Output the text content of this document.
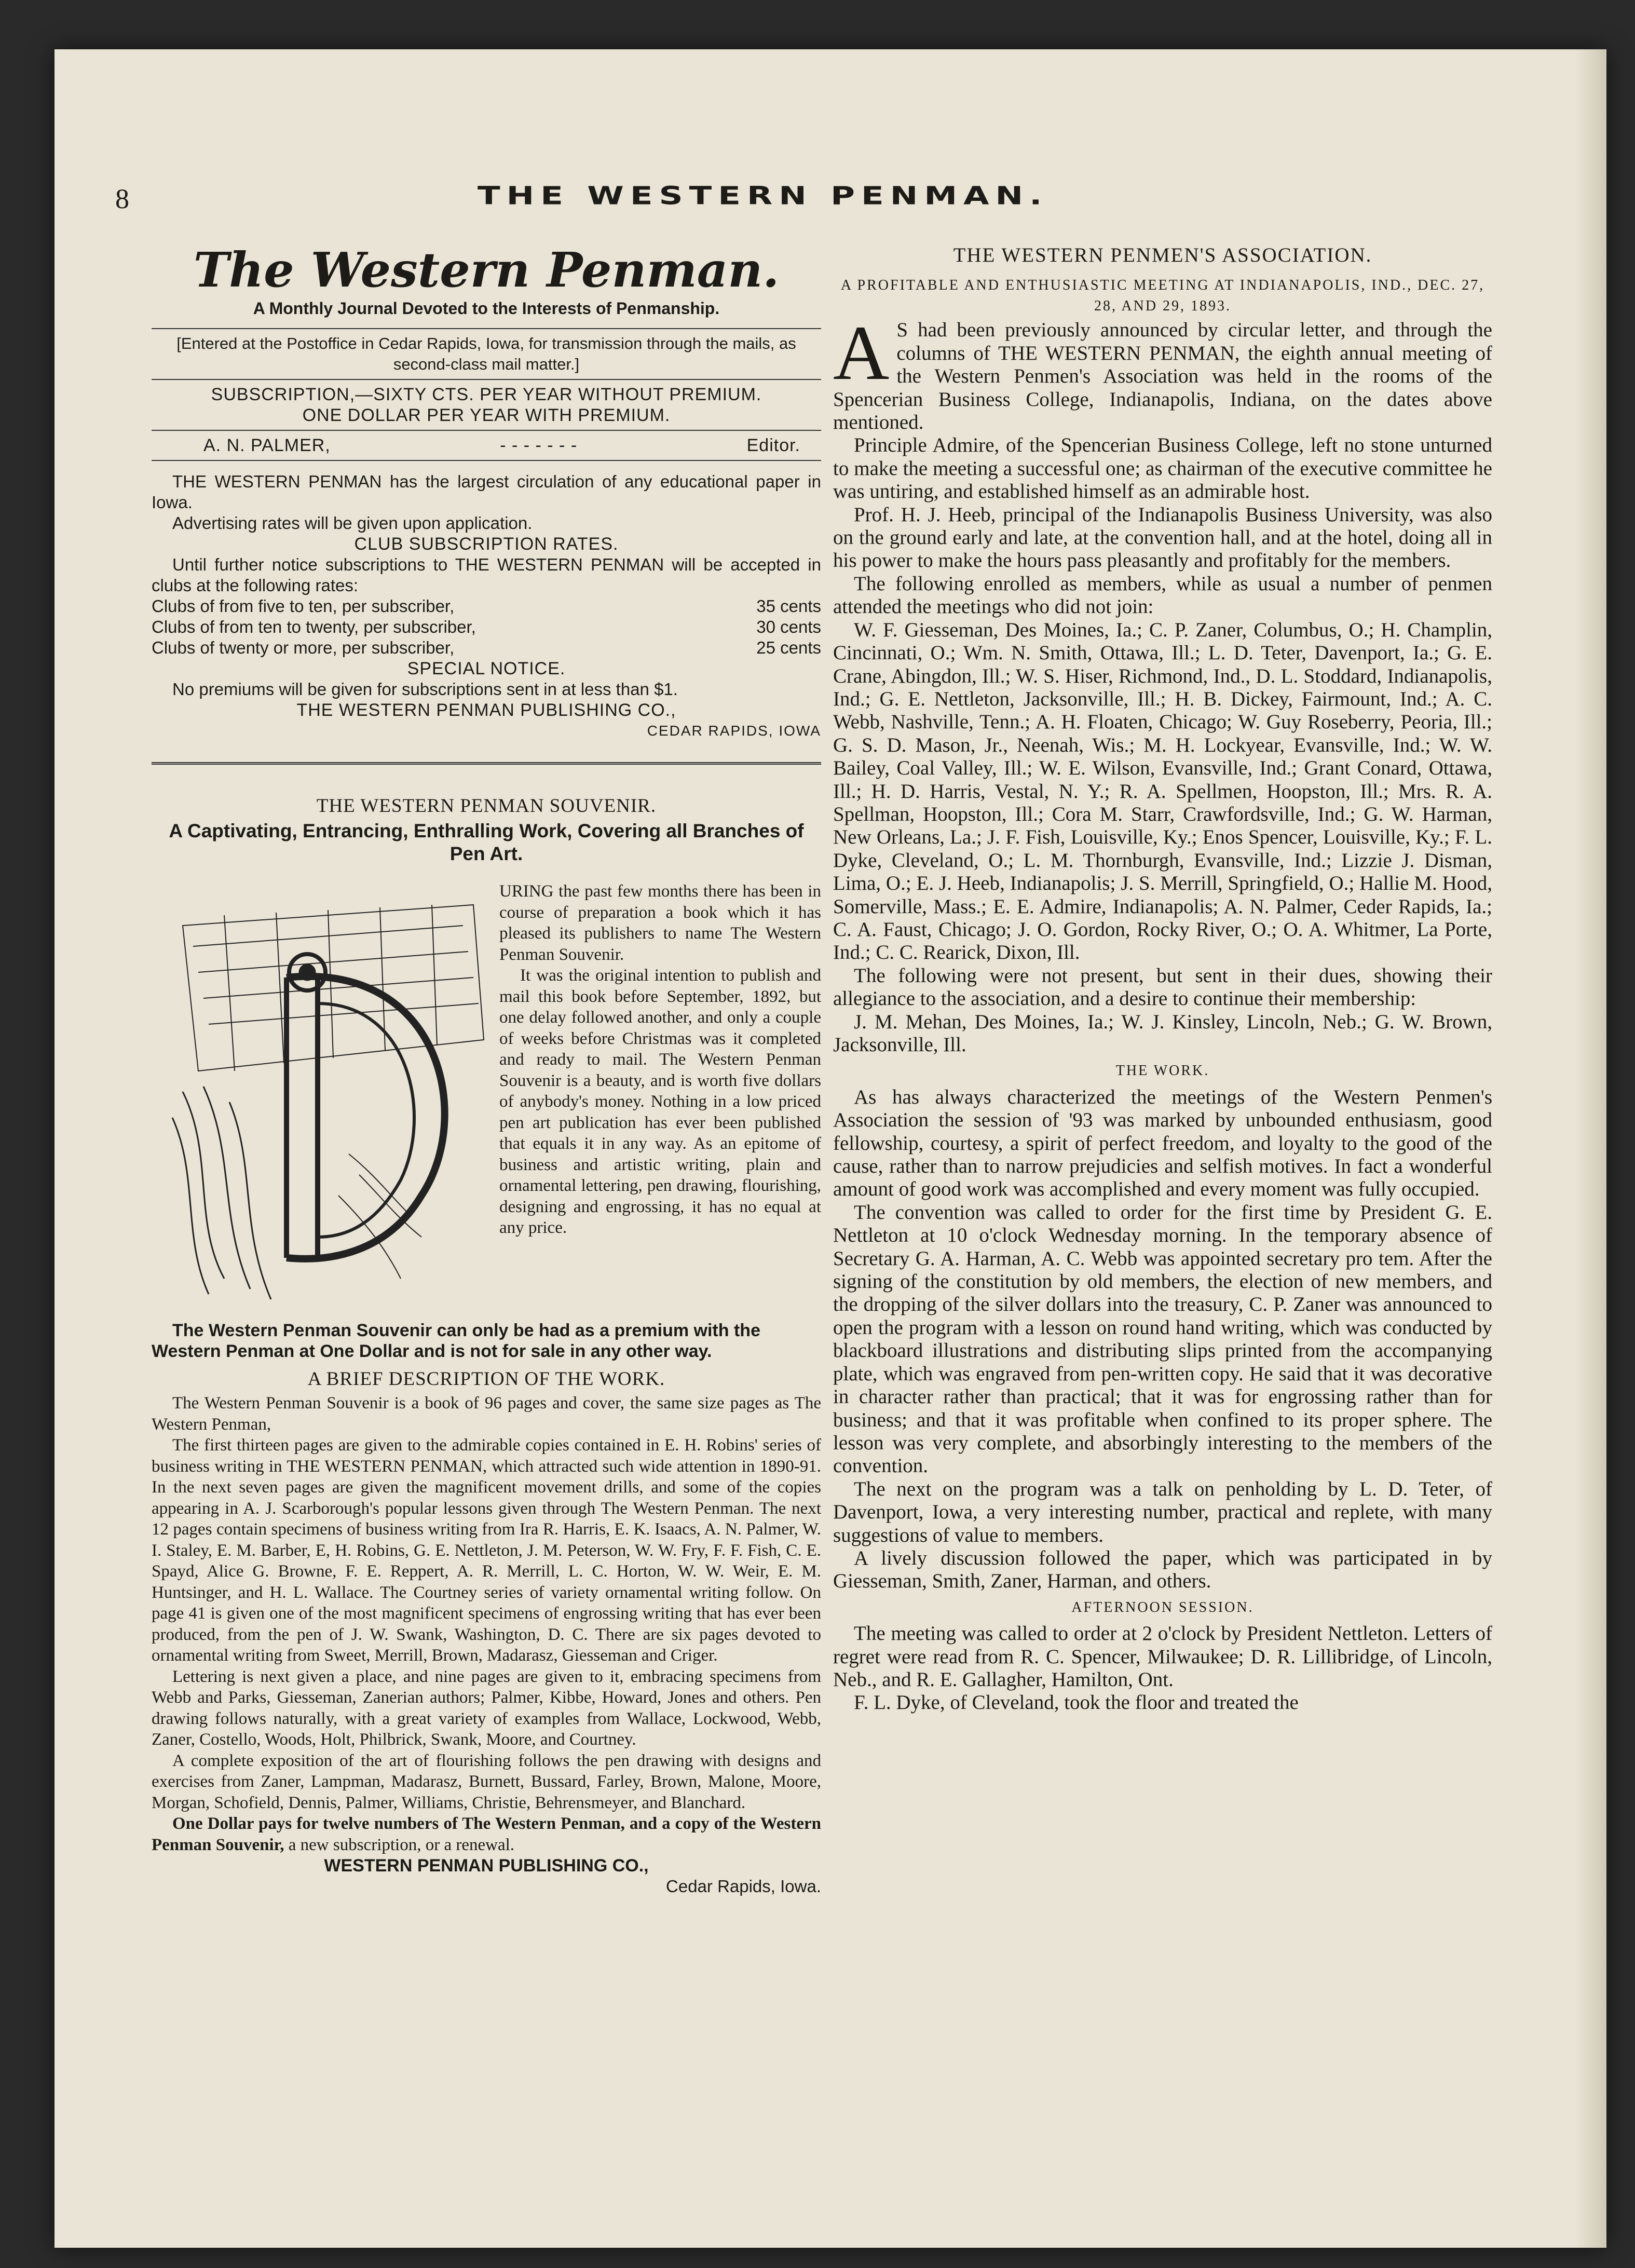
8	THE WESTERN PENMAN.
The Western Penman.
A Monthly Journal Devoted to the Interests of Penmanship.
[Entered at the Postoffice in Cedar Rapids, Iowa, for transmission through the mails, as second-class mail matter.]
SUBSCRIPTION,—SIXTY CTS. PER YEAR WITHOUT PREMIUM.
ONE DOLLAR PER YEAR WITH PREMIUM.
A. N. PALMER,	- - - - - - -	Editor.
THE WESTERN PENMAN has the largest circulation of any educational paper in Iowa.
Advertising rates will be given upon application.
CLUB SUBSCRIPTION RATES.
Until further notice subscriptions to THE WESTERN PENMAN will be accepted in clubs at the following rates:
Clubs of from five to ten, per subscriber,	35 cents
Clubs of from ten to twenty, per subscriber,	30 cents
Clubs of twenty or more, per subscriber,	25 cents
SPECIAL NOTICE.
No premiums will be given for subscriptions sent in at less than $1.
THE WESTERN PENMAN PUBLISHING CO.,
CEDAR RAPIDS, IOWA
THE WESTERN PENMAN SOUVENIR.
A Captivating, Entrancing, Enthralling Work, Covering all Branches of Pen Art.
URING the past few months there has been in course of preparation a book which it has pleased its publishers to name The Western Penman Souvenir.
It was the original intention to publish and mail this book before September, 1892, but one delay followed another, and only a couple of weeks before Christmas was it completed and ready to mail. The Western Penman Souvenir is a beauty, and is worth five dollars of anybody's money. Nothing in a low priced pen art publication has ever been published that equals it in any way. As an epitome of business and artistic writing, plain and ornamental lettering, pen drawing, flourishing, designing and engrossing, it has no equal at any price.
The Western Penman Souvenir can only be had as a premium with the Western Penman at One Dollar and is not for sale in any other way.
A BRIEF DESCRIPTION OF THE WORK.
The Western Penman Souvenir is a book of 96 pages and cover, the same size pages as The Western Penman,
The first thirteen pages are given to the admirable copies contained in E. H. Robins' series of business writing in THE WESTERN PENMAN, which attracted such wide attention in 1890-91. In the next seven pages are given the magnificent movement drills, and some of the copies appearing in A. J. Scarborough's popular lessons given through The Western Penman. The next 12 pages contain specimens of business writing from Ira R. Harris, E. K. Isaacs, A. N. Palmer, W. I. Staley, E. M. Barber, E, H. Robins, G. E. Nettleton, J. M. Peterson, W. W. Fry, F. F. Fish, C. E. Spayd, Alice G. Browne, F. E. Reppert, A. R. Merrill, L. C. Horton, W. W. Weir, E. M. Huntsinger, and H. L. Wallace. The Courtney series of variety ornamental writing follow. On page 41 is given one of the most magnificent specimens of engrossing writing that has ever been produced, from the pen of J. W. Swank, Washington, D. C. There are six pages devoted to ornamental writing from Sweet, Merrill, Brown, Madarasz, Giesseman and Criger.
Lettering is next given a place, and nine pages are given to it, embracing specimens from Webb and Parks, Giesseman, Zanerian authors; Palmer, Kibbe, Howard, Jones and others. Pen drawing follows naturally, with a great variety of examples from Wallace, Lockwood, Webb, Zaner, Costello, Woods, Holt, Philbrick, Swank, Moore, and Courtney.
A complete exposition of the art of flourishing follows the pen drawing with designs and exercises from Zaner, Lampman, Madarasz, Burnett, Bussard, Farley, Brown, Malone, Moore, Morgan, Schofield, Dennis, Palmer, Williams, Christie, Behrensmeyer, and Blanchard.
One Dollar pays for twelve numbers of The Western Penman, and a copy of the Western Penman Souvenir, a new subscription, or a renewal.
WESTERN PENMAN PUBLISHING CO.,
Cedar Rapids, Iowa.
THE WESTERN PENMEN'S ASSOCIATION.
A PROFITABLE AND ENTHUSIASTIC MEETING AT INDIANAPOLIS, IND., DEC. 27, 28, AND 29, 1893.
A S had been previously announced by circular letter, and through the columns of THE WESTERN PENMAN, the eighth annual meeting of the Western Penmen's Association was held in the rooms of the Spencerian Business College, Indianapolis, Indiana, on the dates above mentioned.
Principle Admire, of the Spencerian Business College, left no stone unturned to make the meeting a successful one; as chairman of the executive committee he was untiring, and established himself as an admirable host.
Prof. H. J. Heeb, principal of the Indianapolis Business University, was also on the ground early and late, at the convention hall, and at the hotel, doing all in his power to make the hours pass pleasantly and profitably for the members.
The following enrolled as members, while as usual a number of penmen attended the meetings who did not join:
W. F. Giesseman, Des Moines, Ia.; C. P. Zaner, Columbus, O.; H. Champlin, Cincinnati, O.; Wm. N. Smith, Ottawa, Ill.; L. D. Teter, Davenport, Ia.; G. E. Crane, Abingdon, Ill.; W. S. Hiser, Richmond, Ind., D. L. Stoddard, Indianapolis, Ind.; G. E. Nettleton, Jacksonville, Ill.; H. B. Dickey, Fairmount, Ind.; A. C. Webb, Nashville, Tenn.; A. H. Floaten, Chicago; W. Guy Roseberry, Peoria, Ill.; G. S. D. Mason, Jr., Neenah, Wis.; M. H. Lockyear, Evansville, Ind.; W. W. Bailey, Coal Valley, Ill.; W. E. Wilson, Evansville, Ind.; Grant Conard, Ottawa, Ill.; H. D. Harris, Vestal, N. Y.; R. A. Spellmen, Hoopston, Ill.; Mrs. R. A. Spellman, Hoopston, Ill.; Cora M. Starr, Crawfordsville, Ind.; G. W. Harman, New Orleans, La.; J. F. Fish, Louisville, Ky.; Enos Spencer, Louisville, Ky.; F. L. Dyke, Cleveland, O.; L. M. Thornburgh, Evansville, Ind.; Lizzie J. Disman, Lima, O.; E. J. Heeb, Indianapolis; J. S. Merrill, Springfield, O.; Hallie M. Hood, Somerville, Mass.; E. E. Admire, Indianapolis; A. N. Palmer, Ceder Rapids, Ia.; C. A. Faust, Chicago; J. O. Gordon, Rocky River, O.; O. A. Whitmer, La Porte, Ind.; C. C. Rearick, Dixon, Ill.
The following were not present, but sent in their dues, showing their allegiance to the association, and a desire to continue their membership:
J. M. Mehan, Des Moines, Ia.; W. J. Kinsley, Lincoln, Neb.; G. W. Brown, Jacksonville, Ill.
THE WORK.
As has always characterized the meetings of the Western Penmen's Association the session of '93 was marked by unbounded enthusiasm, good fellowship, courtesy, a spirit of perfect freedom, and loyalty to the good of the cause, rather than to narrow prejudicies and selfish motives. In fact a wonderful amount of good work was accomplished and every moment was fully occupied.
The convention was called to order for the first time by President G. E. Nettleton at 10 o'clock Wednesday morning. In the temporary absence of Secretary G. A. Harman, A. C. Webb was appointed secretary pro tem. After the signing of the constitution by old members, the election of new members, and the dropping of the silver dollars into the treasury, C. P. Zaner was announced to open the program with a lesson on round hand writing, which was conducted by blackboard illustrations and distributing slips printed from the accompanying plate, which was engraved from pen-written copy. He said that it was decorative in character rather than practical; that it was for engrossing rather than for business; and that it was profitable when confined to its proper sphere. The lesson was very complete, and absorbingly interesting to the members of the convention.
The next on the program was a talk on penholding by L. D. Teter, of Davenport, Iowa, a very interesting number, practical and replete, with many suggestions of value to members.
A lively discussion followed the paper, which was participated in by Giesseman, Smith, Zaner, Harman, and others.
AFTERNOON SESSION.
The meeting was called to order at 2 o'clock by President Nettleton. Letters of regret were read from R. C. Spencer, Milwaukee; D. R. Lillibridge, of Lincoln, Neb., and R. E. Gallagher, Hamilton, Ont.
F. L. Dyke, of Cleveland, took the floor and treated the
